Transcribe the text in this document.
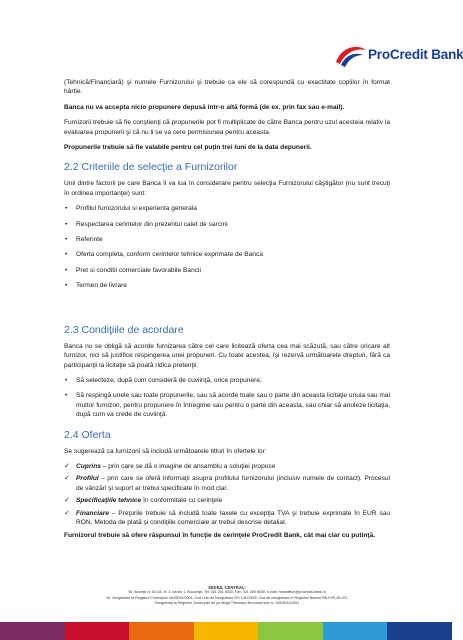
ProCredit Bank

(Tehnică/Financiară) şi numele Furnizorului şi trebuie ca ele să corespundă cu exactitate copiilor în format hârtie.

Banca nu va accepta nicio propunere depusă într-o altă formă (de ex. prin fax sau e-mail).

Furnizorii trebuie să fie conştienţi că propunerile pot fi multiplicate de către Banca pentru uzul acesteia relativ la evaluarea propunerii şi că nu li se va cere permisiunea pentru aceasta.

Propunerile trebuie să fie valabile pentru cel puţin trei luni de la data depunerii.

2.2 Criteriile de selecţie a Furnizorilor

Unii dintre factorii pe care Banca îi va lua în considerare pentru selecţia Furnizorului câştigător (nu sunt trecuţi în ordinea importanţei) sunt:

• Profilul furnizorului si experienta generala
• Respectarea cerintelor din prezentul caiet de sarcini
• Referinte
• Oferta completa, conform cerintelor tehnice exprimate de Banca
• Pret si conditii comerciale favorabile Bancii
• Termen de livrare
2.3 Condiţiile de acordare

Banca nu se obligă să acorde furnizarea către cel care licitează oferta cea mai scăzută, sau către oricare alt furnizor, nici să justifice respingerea unei propuneri. Cu toate acestea, îşi rezervă următoarele drepturi, fără ca participanţii la licitaţie să poată ridica pretenţii:

• Să selecteze, după cum consideră de cuviinţă, orice propunere,
• Să respingă unele sau toate propunerile, sau să acorde toate sau o parte din aceasta licitaţie unuia sau mai multor furnizori, pentru propunere în întregime sau pentru o parte din aceasta, sau chiar să anuleze licitaţia, după cum va crede de cuviinţă.
2.4 Oferta

Se sugerează ca furnizorii să includă următoarele titluri în ofertele lor:

✓ Cuprins – prin care se dă o imagine de ansamblu a soluţiei propuse
✓ Profilul – prin care se oferă informaţii asupra profilului furnizorului (inclusiv numele de contact). Procesul de vânzări şi suport ar trebui specificate în mod clar.
✓ Specificaţiile tehnice în conformitate cu cerinţele
✓ Financiare – Preţurile trebuie să includă toate taxele cu excepţia TVA şi trebuie exprimate în EUR sau RON. Metoda de plată şi condiţiile comerciale ar trebui descrise detaliat.

Furnizorul trebuie să ofere răspunsul în funcţie de cerinţele ProCredit Bank, cât mai clar cu putinţă.

SEDIUL CENTRAL:
Str. Buzeşti nr. 62-64, et. 4, sector 1, Bucureşti, Tel: 021 201 6000, Fax: 021 305 5000, e-mail: headoffice@procredit-bank.ro
Nr. înregistrare la Registrul Comerţului J40/9031/2001, Cod Unic de Înregistrare RO 14122525, Cod de înregistrare în Registrul Bancar RB-PJR-40-022
Înregistrată la Registrul Comerţului de pe lângă Tribunalul Bucureşti sub nr. J40/9031/2001
